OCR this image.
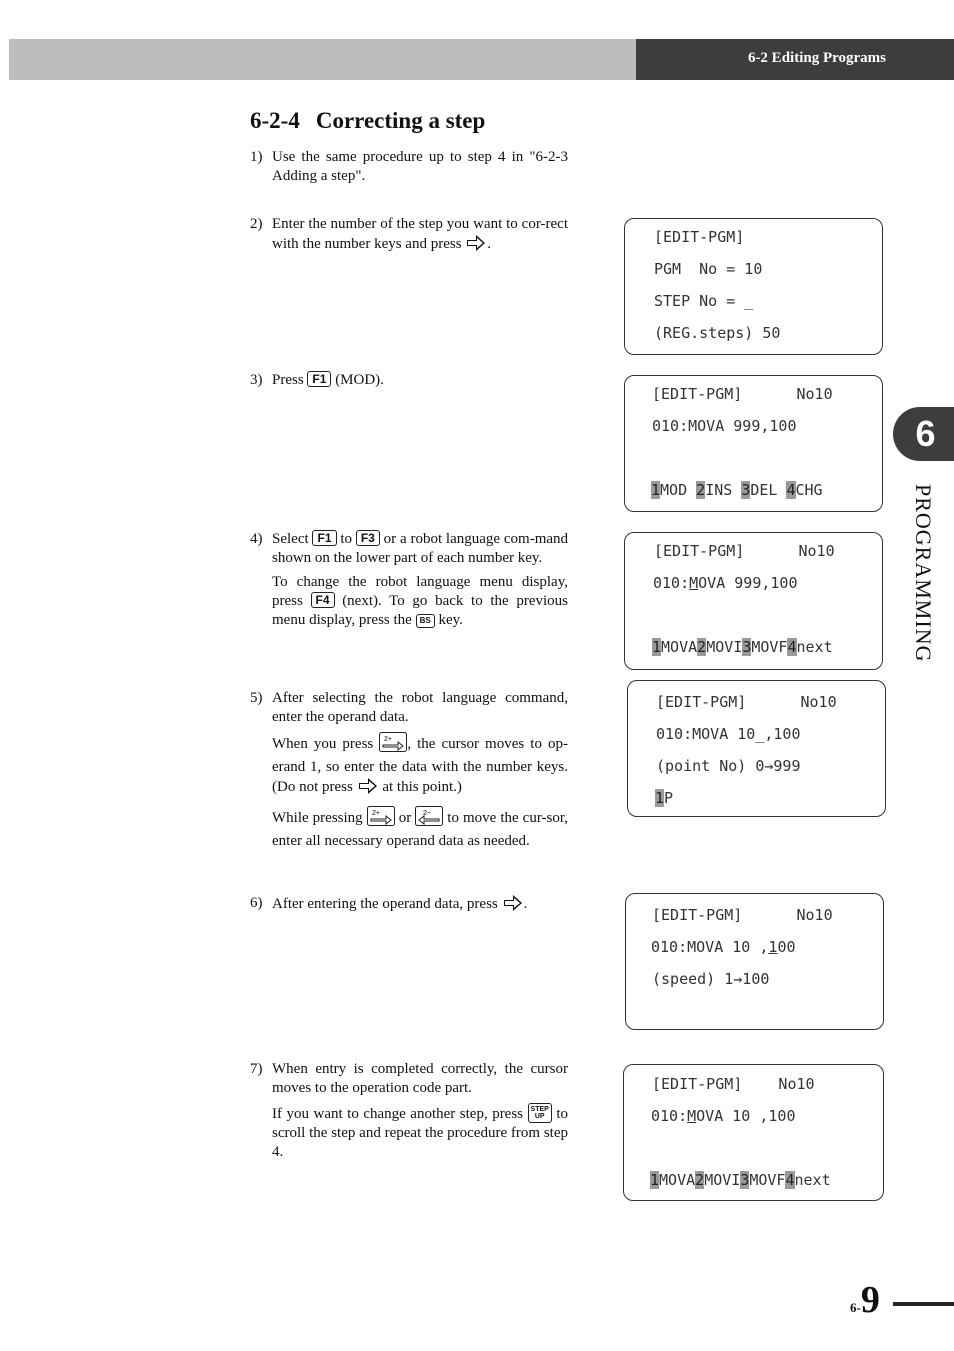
6-2 Editing Programs
6-2-4 Correcting a step
1) Use the same procedure up to step 4 in "6-2-3 Adding a step".

2) Enter the number of the step you want to cor-rect with the number keys and press .

3) Press F1 (MOD).

4) Select F1 to F3 or a robot language com-mand shown on the lower part of each number key.

To change the robot language menu display, press F4 (next). To go back to the previous menu display, press the BS key.

5) After selecting the robot language command, enter the operand data.

When you press 2+ , the cursor moves to op-erand 1, so enter the data with the number keys. (Do not press at this point.)

While pressing 2+ or 2− to move the cur-sor, enter all necessary operand data as needed.

6) After entering the operand data, press .

7) When entry is completed correctly, the cursor moves to the operation code part.

If you want to change another step, press STEP
UP to scroll the step and repeat the procedure from step 4.

[EDIT-PGM]
PGM  No = 10
STEP No = _
(REG.steps) 50
[EDIT-PGM]      No10
010:MOVA 999,100
1MOD 2INS 3DEL 4CHG
[EDIT-PGM]      No10
010:MOVA 999,100
1MOVA2MOVI3MOVF4next
[EDIT-PGM]      No10
010:MOVA 10_,100
(point No) 0→999
1P
[EDIT-PGM]      No10
010:MOVA 10 ,100
(speed) 1→100
[EDIT-PGM]    No10
010:MOVA 10 ,100
1MOVA2MOVI3MOVF4next
6
PROGRAMMING
6-9
